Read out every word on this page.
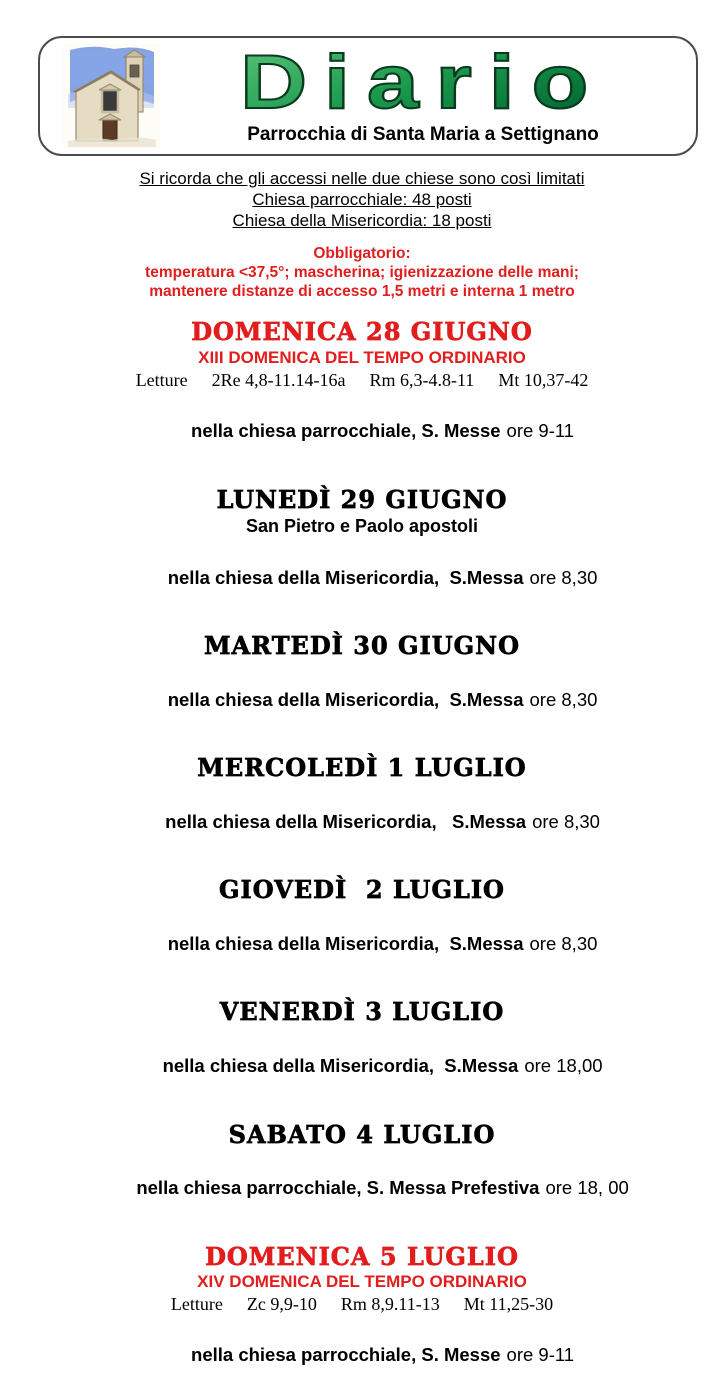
Diario
Parrocchia di Santa Maria a Settignano
Si ricorda che gli accessi nelle due chiese sono così limitati
Chiesa parrocchiale: 48 posti
Chiesa della Misericordia: 18 posti
Obbligatorio:
temperatura <37,5°; mascherina; igienizzazione delle mani;
mantenere distanze di accesso 1,5 metri e interna 1 metro
DOMENICA 28 GIUGNO
XIII DOMENICA DEL TEMPO ORDINARIO
Letture 2Re 4,8-11.14-16a Rm 6,3-4.8-11 Mt 10,37-42

nella chiesa parrocchiale, S. Messe ore 9-11

LUNEDÌ 29 GIUGNO
San Pietro e Paolo apostoli

nella chiesa della Misericordia,  S.Messa ore 8,30

MARTEDÌ 30 GIUGNO

nella chiesa della Misericordia,  S.Messa ore 8,30

MERCOLEDÌ 1 LUGLIO

nella chiesa della Misericordia,   S.Messa ore 8,30

GIOVEDÌ  2 LUGLIO

nella chiesa della Misericordia,  S.Messa ore 8,30

VENERDÌ 3 LUGLIO

nella chiesa della Misericordia,  S.Messa ore 18,00

SABATO 4 LUGLIO

nella chiesa parrocchiale, S. Messa Prefestiva ore 18, 00

DOMENICA 5 LUGLIO
XIV DOMENICA DEL TEMPO ORDINARIO
Letture Zc 9,9-10 Rm 8,9.11-13 Mt 11,25-30

nella chiesa parrocchiale, S. Messe ore 9-11
